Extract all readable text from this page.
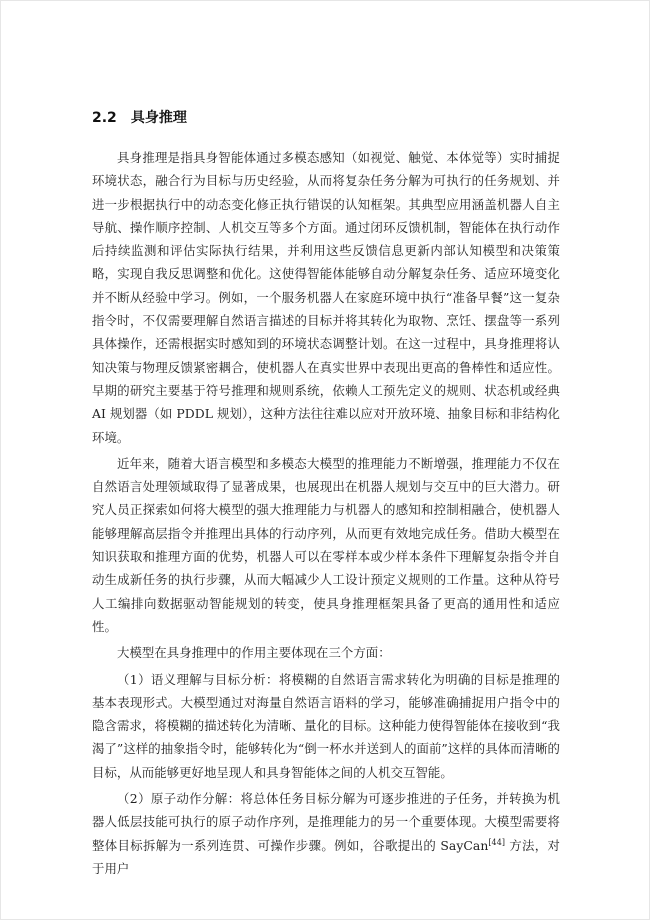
2.2 具身推理

具身推理是指具身智能体通过多模态感知（如视觉、触觉、本体觉等）实时捕捉环境状态，融合行为目标与历史经验，从而将复杂任务分解为可执行的任务规划、并进一步根据执行中的动态变化修正执行错误的认知框架。其典型应用涵盖机器人自主导航、操作顺序控制、人机交互等多个方面。通过闭环反馈机制，智能体在执行动作后持续监测和评估实际执行结果，并利用这些反馈信息更新内部认知模型和决策策略，实现自我反思调整和优化。这使得智能体能够自动分解复杂任务、适应环境变化并不断从经验中学习。例如，一个服务机器人在家庭环境中执行“准备早餐”这一复杂指令时，不仅需要理解自然语言描述的目标并将其转化为取物、烹饪、摆盘等一系列具体操作，还需根据实时感知到的环境状态调整计划。在这一过程中，具身推理将认知决策与物理反馈紧密耦合，使机器人在真实世界中表现出更高的鲁棒性和适应性。早期的研究主要基于符号推理和规则系统，依赖人工预先定义的规则、状态机或经典 AI 规划器（如 PDDL 规划），这种方法往往难以应对开放环境、抽象目标和非结构化环境。

近年来，随着大语言模型和多模态大模型的推理能力不断增强，推理能力不仅在自然语言处理领域取得了显著成果，也展现出在机器人规划与交互中的巨大潜力。研究人员正探索如何将大模型的强大推理能力与机器人的感知和控制相融合，使机器人能够理解高层指令并推理出具体的行动序列，从而更有效地完成任务。借助大模型在知识获取和推理方面的优势，机器人可以在零样本或少样本条件下理解复杂指令并自动生成新任务的执行步骤，从而大幅减少人工设计预定义规则的工作量。这种从符号人工编排向数据驱动智能规划的转变，使具身推理框架具备了更高的通用性和适应性。

大模型在具身推理中的作用主要体现在三个方面：

（1）语义理解与目标分析：将模糊的自然语言需求转化为明确的目标是推理的基本表现形式。大模型通过对海量自然语言语料的学习，能够准确捕捉用户指令中的隐含需求，将模糊的描述转化为清晰、量化的目标。这种能力使得智能体在接收到“我渴了”这样的抽象指令时，能够转化为“倒一杯水并送到人的面前”这样的具体而清晰的目标，从而能够更好地呈现人和具身智能体之间的人机交互智能。

（2）原子动作分解：将总体任务目标分解为可逐步推进的子任务，并转换为机器人低层技能可执行的原子动作序列，是推理能力的另一个重要体现。大模型需要将整体目标拆解为一系列连贯、可操作步骤。例如，谷歌提出的 SayCan[44] 方法，对于用户
